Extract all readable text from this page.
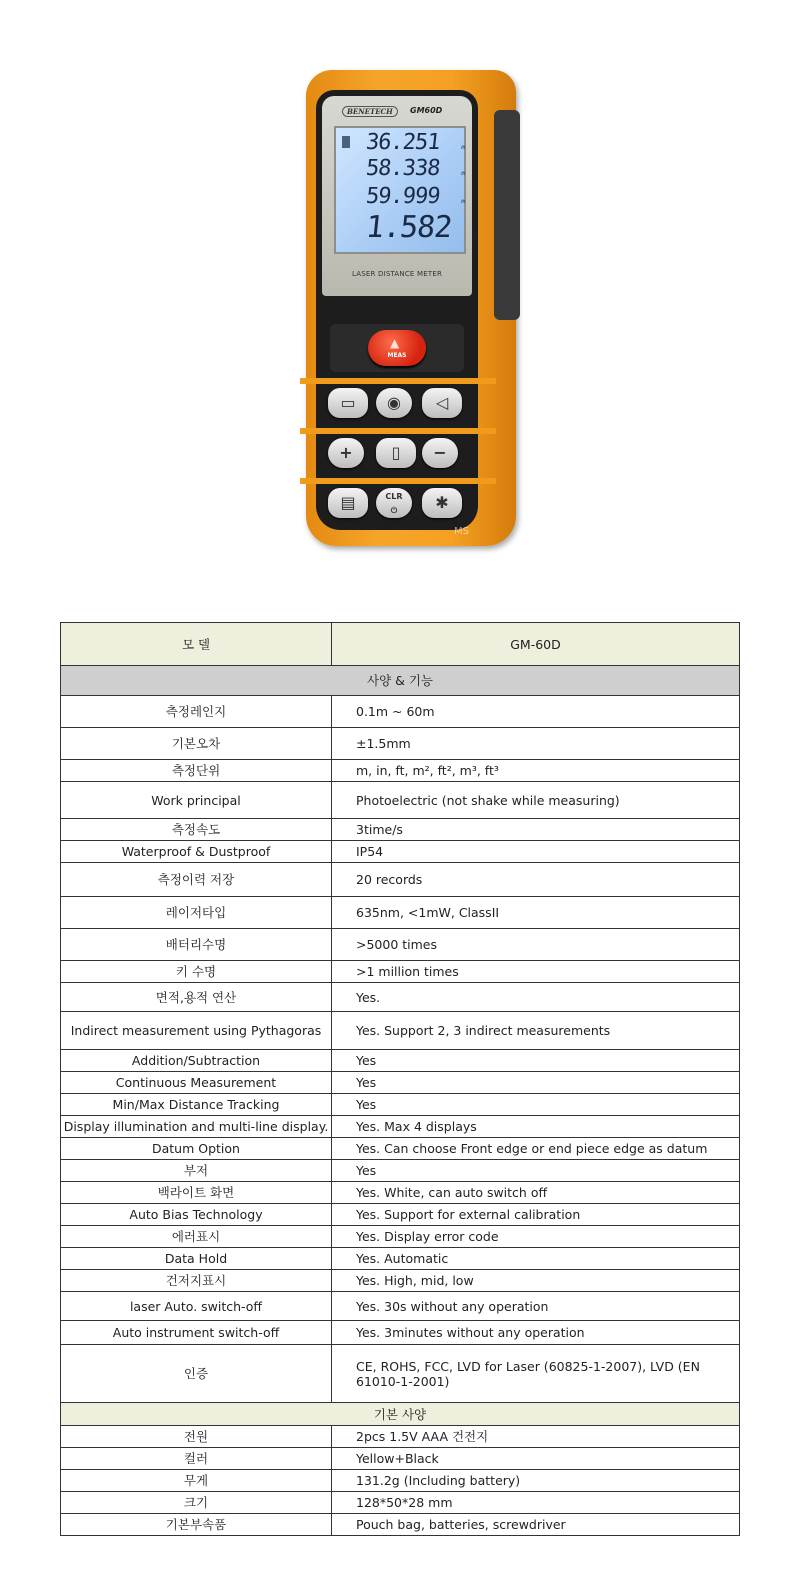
BENETECH	GM60D
36.251	m
58.338	m
59.999	m
1.582	m
LASER DISTANCE METER
▲
MEAS
▭	◉	◁
+	▯	−
▤	CLR
⏻	✱
MS
모 델	GM-60D
사양 & 기능	
측정레인지	0.1m ~ 60m
기본오차	±1.5mm
측정단위	m, in, ft, m², ft², m³, ft³
Work principal	Photoelectric (not shake while measuring)
측정속도	3time/s
Waterproof & Dustproof	IP54
측정이력 저장	20 records
레이저타입	635nm, <1mW, ClassII
배터리수명	>5000 times
키 수명	>1 million times
면적,용적 연산	Yes.
Indirect measurement using Pythagoras	Yes. Support 2, 3 indirect measurements
Addition/Subtraction	Yes
Continuous Measurement	Yes
Min/Max Distance Tracking	Yes
Display illumination and multi-line display.	Yes. Max 4 displays
Datum Option	Yes. Can choose Front edge or end piece edge as datum
부저	Yes
백라이트 화면	Yes. White, can auto switch off
Auto Bias Technology	Yes. Support for external calibration
에러표시	Yes. Display error code
Data Hold	Yes. Automatic
건저지표시	Yes. High, mid, low
laser Auto. switch-off	Yes. 30s without any operation
Auto instrument switch-off	Yes. 3minutes without any operation
인증	CE, ROHS, FCC, LVD for Laser (60825-1-2007), LVD (EN 61010-1-2001)
기본 사양	
전원	2pcs 1.5V AAA 건전지
컬러	Yellow+Black
무게	131.2g (Including battery)
크기	128*50*28 mm
기본부속품	Pouch bag, batteries, screwdriver
